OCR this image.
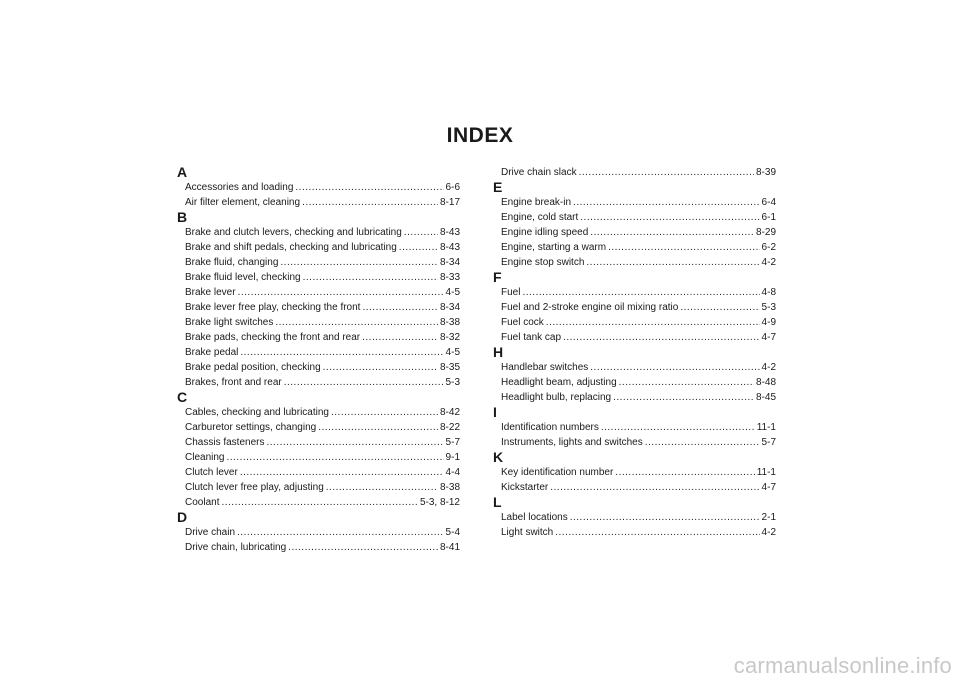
INDEX
A
Accessories and loading .....	6-6
Air filter element, cleaning .....	8-17
B
Brake and clutch levers, checking and lubricating .....	8-43
Brake and shift pedals, checking and lubricating .....	8-43
Brake fluid, changing .....	8-34
Brake fluid level, checking .....	8-33
Brake lever .....	4-5
Brake lever free play, checking the front .....	8-34
Brake light switches .....	8-38
Brake pads, checking the front and rear .....	8-32
Brake pedal .....	4-5
Brake pedal position, checking .....	8-35
Brakes, front and rear .....	5-3
C
Cables, checking and lubricating .....	8-42
Carburetor settings, changing .....	8-22
Chassis fasteners .....	5-7
Cleaning .....	9-1
Clutch lever .....	4-4
Clutch lever free play, adjusting .....	8-38
Coolant .....	5-3, 8-12
D
Drive chain .....	5-4
Drive chain, lubricating .....	8-41
Drive chain slack .....	8-39
E
Engine break-in .....	6-4
Engine, cold start .....	6-1
Engine idling speed .....	8-29
Engine, starting a warm .....	6-2
Engine stop switch .....	4-2
F
Fuel .....	4-8
Fuel and 2-stroke engine oil mixing ratio .....	5-3
Fuel cock .....	4-9
Fuel tank cap .....	4-7
H
Handlebar switches .....	4-2
Headlight beam, adjusting .....	8-48
Headlight bulb, replacing .....	8-45
I
Identification numbers .....	11-1
Instruments, lights and switches .....	5-7
K
Key identification number .....	11-1
Kickstarter .....	4-7
L
Label locations .....	2-1
Light switch .....	4-2
carmanualsonline.info
